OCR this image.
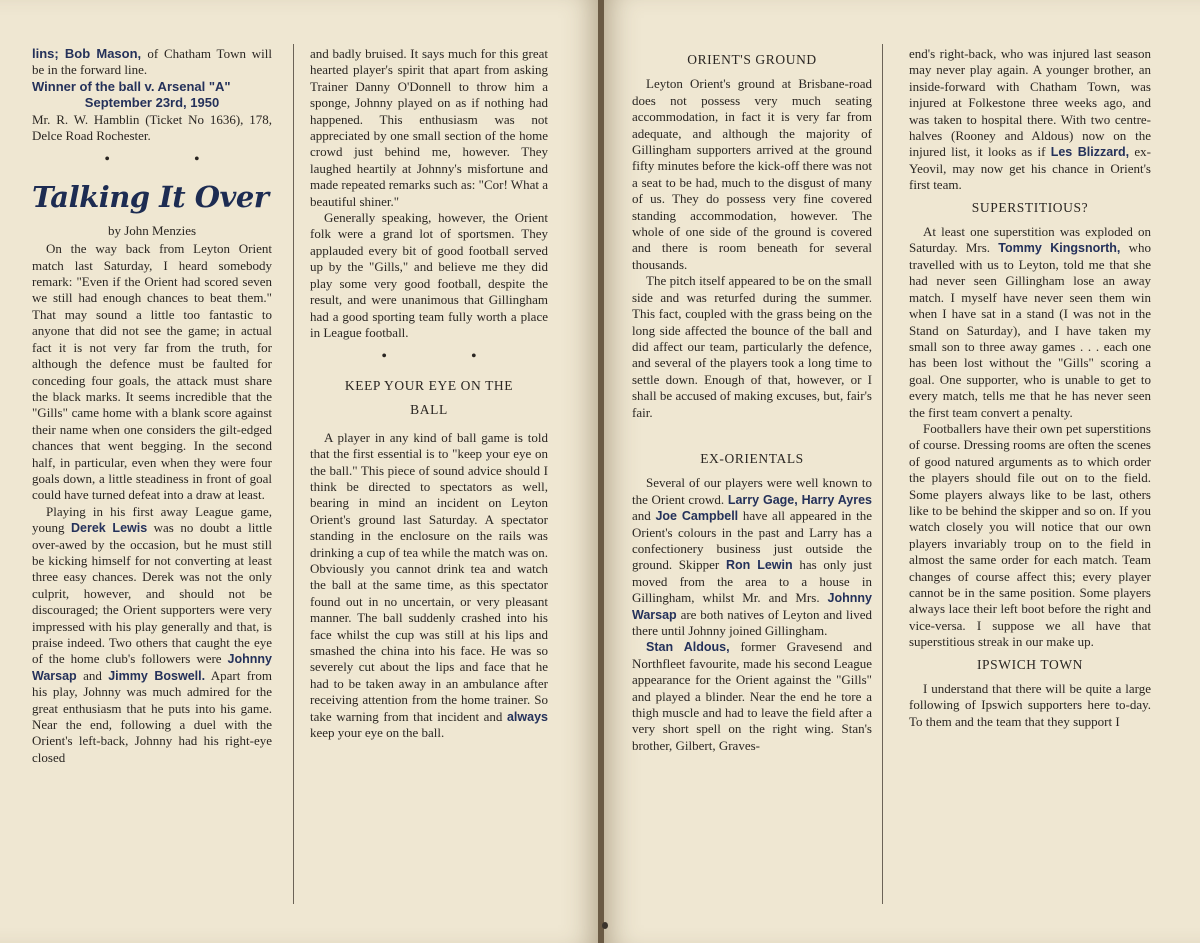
lins; Bob Mason, of Chatham Town will be in the forward line.
Winner of the ball v. Arsenal "A"
September 23rd, 1950

Mr. R. W. Hamblin (Ticket No 1636), 178, Delce Road Rochester.

• •
Talking It Over
by John Menzies

On the way back from Leyton Orient match last Saturday, I heard somebody remark: "Even if the Orient had scored seven we still had enough chances to beat them." That may sound a little too fantastic to anyone that did not see the game; in actual fact it is not very far from the truth, for although the defence must be faulted for conceding four goals, the attack must share the black marks. It seems incredible that the "Gills" came home with a blank score against their name when one considers the gilt-edged chances that went begging. In the second half, in particular, even when they were four goals down, a little steadiness in front of goal could have turned defeat into a draw at least.

Playing in his first away League game, young Derek Lewis was no doubt a little over-awed by the occasion, but he must still be kicking himself for not converting at least three easy chances. Derek was not the only culprit, however, and should not be discouraged; the Orient supporters were very impressed with his play generally and that, is praise indeed. Two others that caught the eye of the home club's followers were Johnny Warsap and Jimmy Boswell. Apart from his play, Johnny was much admired for the great enthusiasm that he puts into his game. Near the end, following a duel with the Orient's left-back, Johnny had his right-eye closed

and badly bruised. It says much for this great hearted player's spirit that apart from asking Trainer Danny O'Donnell to throw him a sponge, Johnny played on as if nothing had happened. This enthusiasm was not appreciated by one small section of the home crowd just behind me, however. They laughed heartily at Johnny's misfortune and made repeated remarks such as: "Cor! What a beautiful shiner."

Generally speaking, however, the Orient folk were a grand lot of sportsmen. They applauded every bit of good football served up by the "Gills," and believe me they did play some very good football, despite the result, and were unanimous that Gillingham had a good sporting team fully worth a place in League football.

• •
KEEP YOUR EYE ON THE BALL

A player in any kind of ball game is told that the first essential is to "keep your eye on the ball." This piece of sound advice should I think be directed to spectators as well, bearing in mind an incident on Leyton Orient's ground last Saturday. A spectator standing in the enclosure on the rails was drinking a cup of tea while the match was on. Obviously you cannot drink tea and watch the ball at the same time, as this spectator found out in no uncertain, or very pleasant manner. The ball suddenly crashed into his face whilst the cup was still at his lips and smashed the china into his face. He was so severely cut about the lips and face that he had to be taken away in an ambulance after receiving attention from the home trainer. So take warning from that incident and always keep your eye on the ball.

ORIENT'S GROUND

Leyton Orient's ground at Brisbane-road does not possess very much seating accommodation, in fact it is very far from adequate, and although the majority of Gillingham supporters arrived at the ground fifty minutes before the kick-off there was not a seat to be had, much to the disgust of many of us. They do possess very fine covered standing accommodation, however. The whole of one side of the ground is covered and there is room beneath for several thousands.

The pitch itself appeared to be on the small side and was returfed during the summer. This fact, coupled with the grass being on the long side affected the bounce of the ball and did affect our team, particularly the defence, and several of the players took a long time to settle down. Enough of that, however, or I shall be accused of making excuses, but, fair's fair.

EX-ORIENTALS

Several of our players were well known to the Orient crowd. Larry Gage, Harry Ayres and Joe Campbell have all appeared in the Orient's colours in the past and Larry has a confectionery business just outside the ground. Skipper Ron Lewin has only just moved from the area to a house in Gillingham, whilst Mr. and Mrs. Johnny Warsap are both natives of Leyton and lived there until Johnny joined Gillingham.

Stan Aldous, former Gravesend and Northfleet favourite, made his second League appearance for the Orient against the "Gills" and played a blinder. Near the end he tore a thigh muscle and had to leave the field after a very short spell on the right wing. Stan's brother, Gilbert, Graves-

end's right-back, who was injured last season may never play again. A younger brother, an inside-forward with Chatham Town, was injured at Folkestone three weeks ago, and was taken to hospital there. With two centre-halves (Rooney and Aldous) now on the injured list, it looks as if Les Blizzard, ex-Yeovil, may now get his chance in Orient's first team.

SUPERSTITIOUS?

At least one superstition was exploded on Saturday. Mrs. Tommy Kingsnorth, who travelled with us to Leyton, told me that she had never seen Gillingham lose an away match. I myself have never seen them win when I have sat in a stand (I was not in the Stand on Saturday), and I have taken my small son to three away games . . . each one has been lost without the "Gills" scoring a goal. One supporter, who is unable to get to every match, tells me that he has never seen the first team convert a penalty.

Footballers have their own pet superstitions of course. Dressing rooms are often the scenes of good natured arguments as to which order the players should file out on to the field. Some players always like to be last, others like to be behind the skipper and so on. If you watch closely you will notice that our own players invariably troup on to the field in almost the same order for each match. Team changes of course affect this; every player cannot be in the same position. Some players always lace their left boot before the right and vice-versa. I suppose we all have that superstitious streak in our make up.

IPSWICH TOWN

I understand that there will be quite a large following of Ipswich supporters here to-day. To them and the team that they support I
